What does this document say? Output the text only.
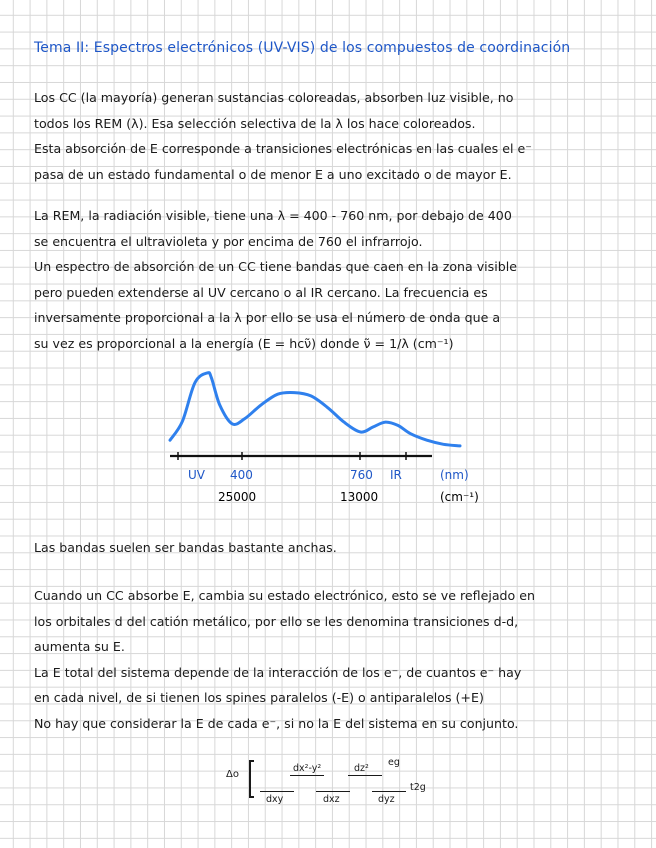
Tema II: Espectros electrónicos (UV-VIS) de los compuestos de coordinación
Los CC (la mayoría) generan sustancias coloreadas, absorben luz visible, no
todos los REM (λ). Esa selección selectiva de la λ los hace coloreados.
Esta absorción de E corresponde a transiciones electrónicas en las cuales el e⁻
pasa de un estado fundamental o de menor E a uno excitado o de mayor E.
La REM, la radiación visible, tiene una λ = 400 - 760 nm, por debajo de 400
se encuentra el ultravioleta y por encima de 760 el infrarrojo.
Un espectro de absorción de un CC tiene bandas que caen en la zona visible
pero pueden extenderse al UV cercano o al IR cercano. La frecuencia es
inversamente proporcional a la λ por ello se usa el número de onda que a
su vez es proporcional a la energía (E = hcν̃) donde ν̃ = 1/λ (cm⁻¹)
UV 400	760 IR	(nm)
25000	13000	(cm⁻¹)
Las bandas suelen ser bandas bastante anchas.
Cuando un CC absorbe E, cambia su estado electrónico, esto se ve reflejado en
los orbitales d del catión metálico, por ello se les denomina transiciones d-d,
aumenta su E.
La E total del sistema depende de la interacción de los e⁻, de cuantos e⁻ hay
en cada nivel, de si tienen los spines paralelos (-E) o antiparalelos (+E)
No hay que considerar la E de cada e⁻, si no la E del sistema en su conjunto.
Δo
dx²-y²	dz²
eg
dxy	dxz	dyz
t2g
